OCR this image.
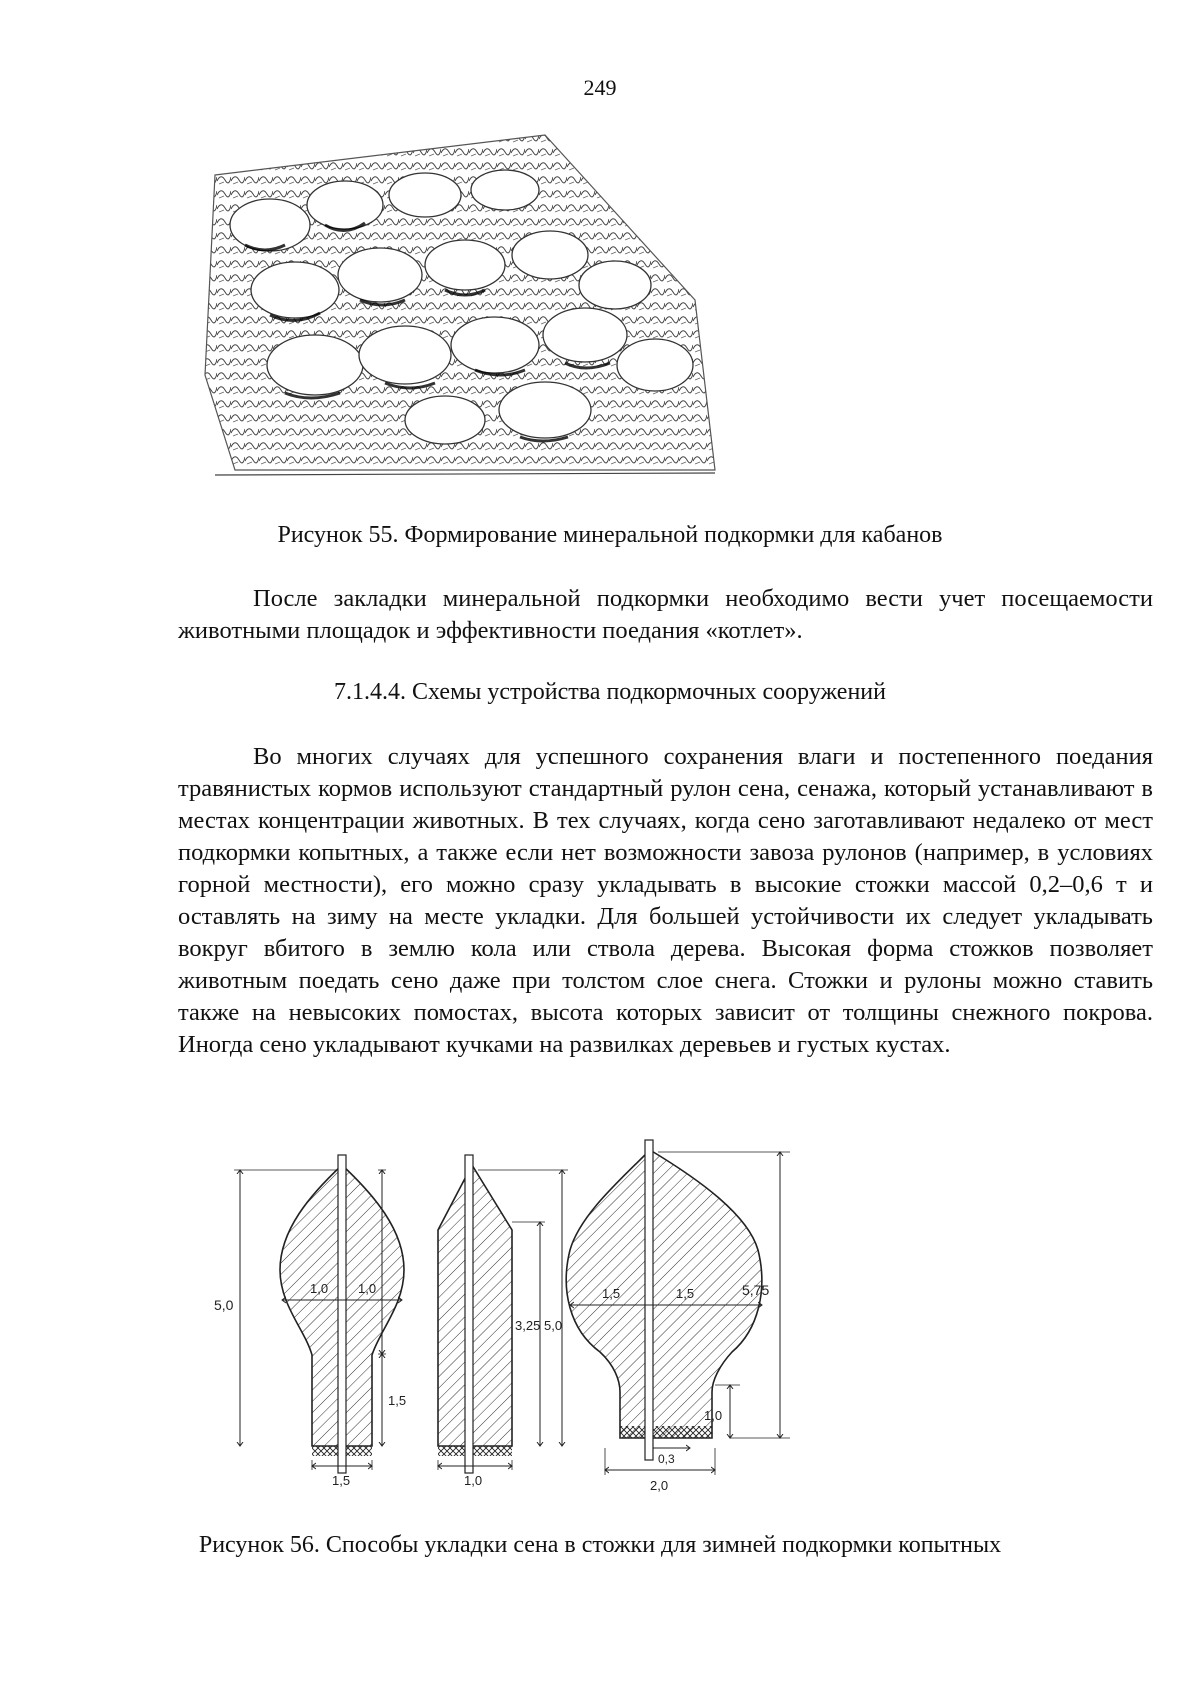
249
Рисунок 55. Формирование минеральной подкормки для кабанов
После закладки минеральной подкормки необходимо вести учет посещаемости животными площадок и эффективности поедания «котлет».
7.1.4.4. Схемы устройства подкормочных сооружений
Во многих случаях для успешного сохранения влаги и постепенного поедания травянистых кормов используют стандартный рулон сена, сенажа, который устанавливают в местах концентрации животных. В тех случаях, когда сено заготавливают недалеко от мест подкормки копытных, а также если нет возможности завоза рулонов (например, в условиях горной местности), его можно сразу укладывать в высокие стожки массой 0,2–0,6 т и оставлять на зиму на месте укладки. Для большей устойчивости их следует укладывать вокруг вбитого в землю кола или ствола дерева. Высокая форма стожков позволяет животным поедать сено даже при толстом слое снега. Стожки и рулоны можно ставить также на невысоких помостах, высота которых зависит от толщины снежного покрова. Иногда сено укладывают кучками на развилках деревьев и густых кустах.
5,0
1,0 1,0
1,5
1,5
3,25 5,0
1,0
1,5	1,5	5,75
1,0
0,3
2,0
Рисунок 56. Способы укладки сена в стожки для зимней подкормки копытных
